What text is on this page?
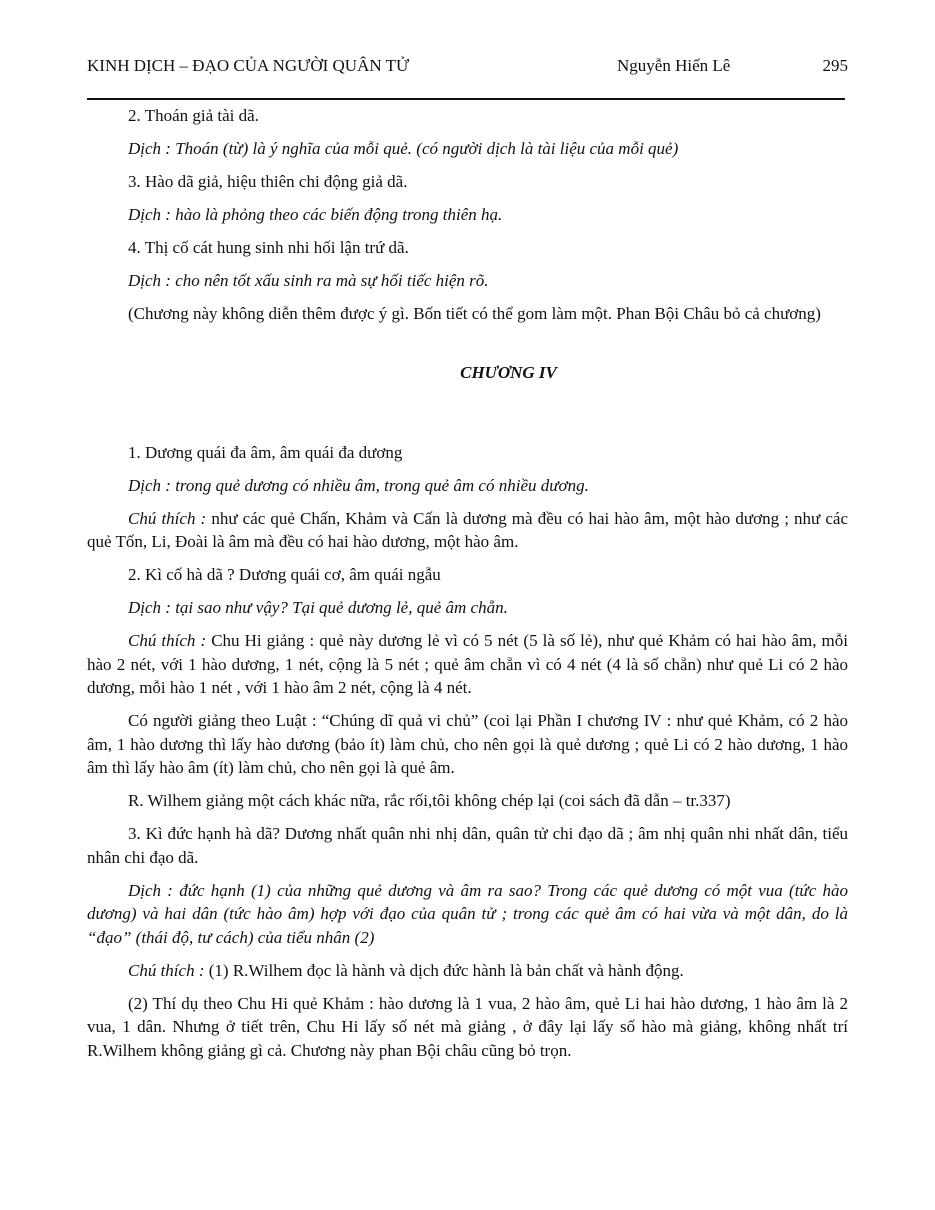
KINH DỊCH – ĐẠO CỦA NGƯỜI QUÂN TỬ	Nguyễn Hiến Lê	295

2. Thoán giả tài dã.

Dịch : Thoán (từ) là ý nghĩa của mỗi quẻ. (có người dịch là tài liệu của mỗi quẻ)

3. Hào dã giả, hiệu thiên chi động giả dã.

Dịch : hào là phỏng theo các biến động trong thiên hạ.

4. Thị cố cát hung sinh nhi hối lận trứ dã.

Dịch : cho nên tốt xấu sinh ra mà sự hối tiếc hiện rõ.

(Chương này không diễn thêm được ý gì. Bốn tiết có thể gom làm một. Phan Bội Châu bỏ cả chương)

CHƯƠNG IV

1. Dương quái đa âm, âm quái đa dương

Dịch : trong quẻ dương có nhiều âm, trong quẻ âm có nhiều dương.

Chú thích : như các quẻ Chấn, Khảm và Cấn là dương mà đều có hai hào âm, một hào dương ; như các quẻ Tốn, Li, Đoài là âm mà đều có hai hào dương, một hào âm.

2. Kì cố hà dã ? Dương quái cơ, âm quái ngẫu

Dịch : tại sao như vậy? Tại quẻ dương lẻ, quẻ âm chẵn.

Chú thích : Chu Hi giảng : quẻ này dương lẻ vì có 5 nét (5 là số lẻ), như quẻ Khảm có hai hào âm, mỗi hào 2 nét, với 1 hào dương, 1 nét, cộng là 5 nét ; quẻ âm chẵn vì có 4 nét (4 là số chẵn) như quẻ Li có 2 hào dương, mỗi hào 1 nét , với 1 hào âm 2 nét, cộng là 4 nét.

Có người giảng theo Luật : “Chúng dĩ quả vi chủ” (coi lại Phần I chương IV : như quẻ Khảm, có 2 hào âm, 1 hào dương thì lấy hào dương (bảo ít) làm chủ, cho nên gọi là quẻ dương ; quẻ Li có 2 hào dương, 1 hào âm thì lấy hào âm (ít) làm chủ, cho nên gọi là quẻ âm.

R. Wilhem giảng một cách khác nữa, rắc rối,tôi không chép lại (coi sách đã dẫn – tr.337)

3. Kì đức hạnh hà dã? Dương nhất quân nhi nhị dân, quân tử chi đạo dã ; âm nhị quân nhi nhất dân, tiểu nhân chi đạo dã.

Dịch : đức hạnh (1) của những quẻ dương và âm ra sao? Trong các quẻ dương có một vua (tức hào dương) và hai dân (tức hào âm) hợp với đạo của quân tử ; trong các quẻ âm có hai vừa và một dân, do là “đạo” (thái độ, tư cách) của tiểu nhân (2)

Chú thích : (1) R.Wilhem đọc là hành và dịch đức hành là bản chất và hành động.

(2) Thí dụ theo Chu Hi quẻ Khảm : hào dương là 1 vua, 2 hào âm, quẻ Li hai hào dương, 1 hào âm là 2 vua, 1 dân. Nhưng ở tiết trên, Chu Hi lấy số nét mà giảng , ở đây lại lấy số hào mà giảng, không nhất trí R.Wilhem không giảng gì cả. Chương này phan Bội châu cũng bỏ trọn.
